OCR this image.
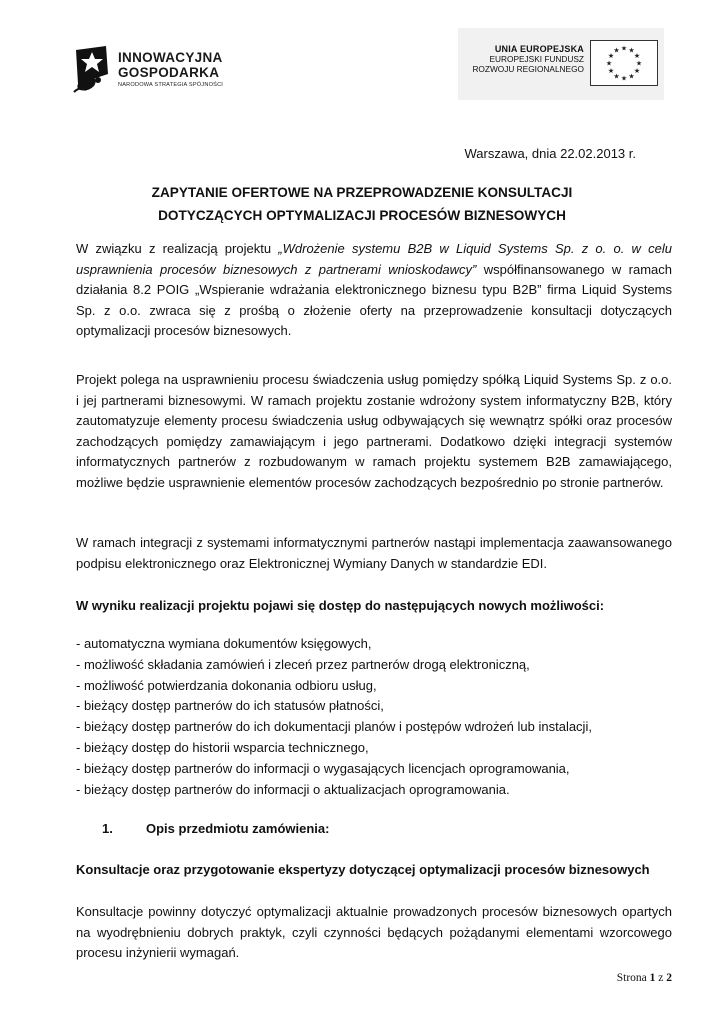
INNOWACYJNA
GOSPODARKA
NARODOWA STRATEGIA SPÓJNOŚCI
UNIA EUROPEJSKA
EUROPEJSKI FUNDUSZ
ROZWOJU REGIONALNEGO
★ ★
★
★
★
★
★
★
★
★
★
★
Warszawa, dnia 22.02.2013 r.
ZAPYTANIE OFERTOWE NA PRZEPROWADZENIE KONSULTACJI
DOTYCZĄCYCH OPTYMALIZACJI PROCESÓW BIZNESOWYCH

W związku z realizacją projektu „Wdrożenie systemu B2B w Liquid Systems Sp. z o. o. w celu usprawnienia procesów biznesowych z partnerami wnioskodawcy” współfinansowanego w ramach działania 8.2 POIG „Wspieranie wdrażania elektronicznego biznesu typu B2B” firma Liquid Systems Sp. z o.o. zwraca się z prośbą o złożenie oferty na przeprowadzenie konsultacji dotyczących optymalizacji procesów biznesowych.

Projekt polega na usprawnieniu procesu świadczenia usług pomiędzy spółką Liquid Systems Sp. z o.o. i jej partnerami biznesowymi. W ramach projektu zostanie wdrożony system informatyczny B2B, który zautomatyzuje elementy procesu świadczenia usług odbywających się wewnątrz spółki oraz procesów zachodzących pomiędzy zamawiającym i jego partnerami. Dodatkowo dzięki integracji systemów informatycznych partnerów z rozbudowanym w ramach projektu systemem B2B zamawiającego, możliwe będzie usprawnienie elementów procesów zachodzących bezpośrednio po stronie partnerów.

W ramach integracji z systemami informatycznymi partnerów nastąpi implementacja zaawansowanego podpisu elektronicznego oraz Elektronicznej Wymiany Danych w standardzie EDI.

W wyniku realizacji projektu pojawi się dostęp do następujących nowych możliwości:

- automatyczna wymiana dokumentów księgowych,
- możliwość składania zamówień i zleceń przez partnerów drogą elektroniczną,
- możliwość potwierdzania dokonania odbioru usług,
- bieżący dostęp partnerów do ich statusów płatności,
- bieżący dostęp partnerów do ich dokumentacji planów i postępów wdrożeń lub instalacji,
- bieżący dostęp do historii wsparcia technicznego,
- bieżący dostęp partnerów do informacji o wygasających licencjach oprogramowania,
- bieżący dostęp partnerów do informacji o aktualizacjach oprogramowania.
1.	Opis przedmiotu zamówienia:
Konsultacje oraz przygotowanie ekspertyzy dotyczącej optymalizacji procesów biznesowych

Konsultacje powinny dotyczyć optymalizacji aktualnie prowadzonych procesów biznesowych opartych na wyodrębnieniu dobrych praktyk, czyli czynności będących pożądanymi elementami wzorcowego procesu inżynierii wymagań.

Strona 1 z 2
